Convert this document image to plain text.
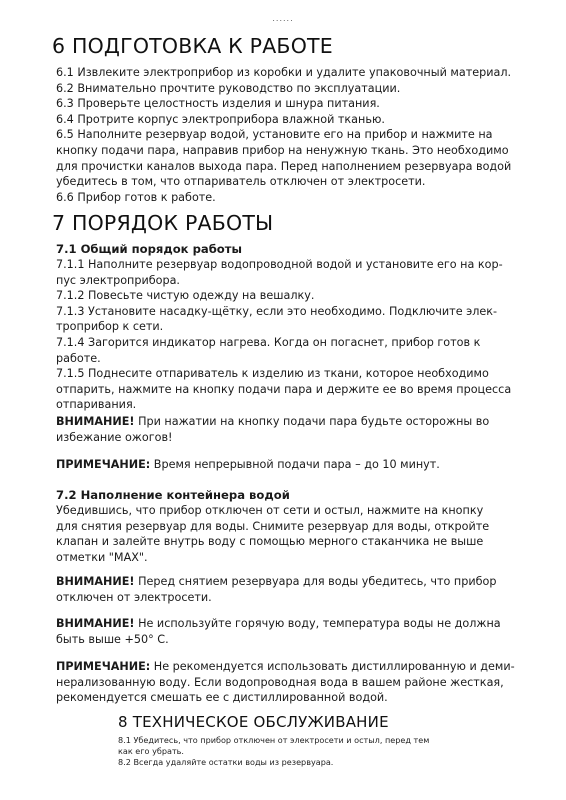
......
6 ПОДГОТОВКА К РАБОТЕ
6.1 Извлеките электроприбор из коробки и удалите упаковочный материал.
6.2 Внимательно прочтите руководство по эксплуатации.
6.3 Проверьте целостность изделия и шнура питания.
6.4 Протрите корпус электроприбора влажной тканью.
6.5 Наполните резервуар водой, установите его на прибор и нажмите на
кнопку подачи пара, направив прибор на ненужную ткань. Это необходимо
для прочистки каналов выхода пара. Перед наполнением резервуара водой
убедитесь в том, что отпариватель отключен от электросети.
6.6 Прибор готов к работе.
7 ПОРЯДОК РАБОТЫ
7.1 Общий порядок работы
7.1.1 Наполните резервуар водопроводной водой и установите его на кор-
пус электроприбора.
7.1.2 Повесьте чистую одежду на вешалку.
7.1.3 Установите насадку-щётку, если это необходимо. Подключите элек-
троприбор к сети.
7.1.4 Загорится индикатор нагрева. Когда он погаснет, прибор готов к
работе.
7.1.5 Поднесите отпариватель к изделию из ткани, которое необходимо
отпарить, нажмите на кнопку подачи пара и держите ее во время процесса
отпаривания.
ВНИМАНИЕ! При нажатии на кнопку подачи пара будьте осторожны во
избежание ожогов!
ПРИМЕЧАНИЕ: Время непрерывной подачи пара – до 10 минут.
7.2 Наполнение контейнера водой
Убедившись, что прибор отключен от сети и остыл, нажмите на кнопку
для снятия резервуар для воды. Снимите резервуар для воды, откройте
клапан и залейте внутрь воду с помощью мерного стаканчика не выше
отметки "MAX".
ВНИМАНИЕ! Перед снятием резервуара для воды убедитесь, что прибор
отключен от электросети.
ВНИМАНИЕ! Не используйте горячую воду, температура воды не должна
быть выше +50° С.
ПРИМЕЧАНИЕ: Не рекомендуется использовать дистиллированную и деми-
нерализованную воду. Если водопроводная вода в вашем районе жесткая,
рекомендуется смешать ее с дистиллированной водой.
8 ТЕХНИЧЕСКОЕ ОБСЛУЖИВАНИЕ
8.1 Убедитесь, что прибор отключен от электросети и остыл, перед тем
как его убрать.
8.2 Всегда удаляйте остатки воды из резервуара.
